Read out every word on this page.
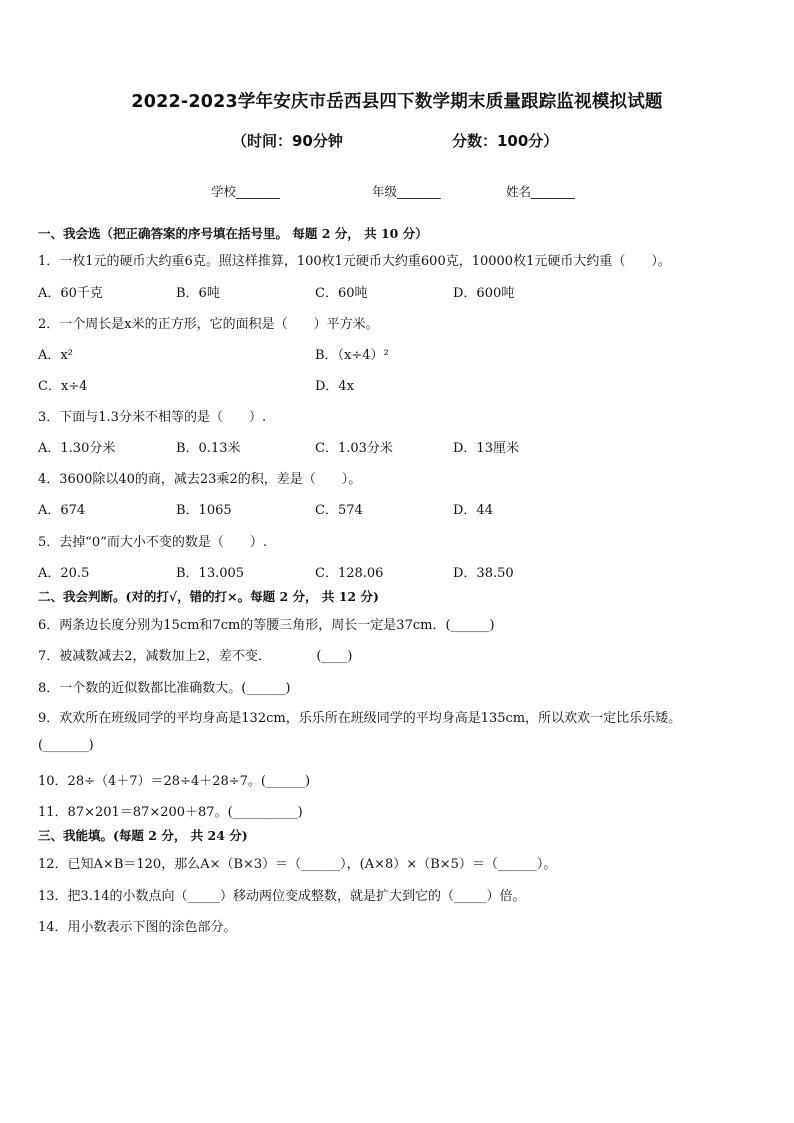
2022-2023学年安庆市岳西县四下数学期末质量跟踪监视模拟试题
（时间：90分钟	分数：100分）
学校_______	年级_______	姓名_______
一、我会选（把正确答案的序号填在括号里。 每题 2 分， 共 10 分）
1．一枚1元的硬币大约重6克。照这样推算，100枚1元硬币大约重600克，10000枚1元硬币大约重（　　）。
A．60千克	B．6吨	C．60吨	D．600吨
2．一个周长是x米的正方形，它的面积是（　　）平方米。
A．x²	B．（x÷4）²
C．x÷4	D．4x
3．下面与1.3分米不相等的是（　　）.
A．1.30分米	B．0.13米	C．1.03分米	D．13厘米
4．3600除以40的商，减去23乘2的积，差是（　　）。
A．674	B．1065	C．574	D．44
5．去掉“0”而大小不变的数是（　　）.
A．20.5	B．13.005	C．128.06	D．38.50
二、我会判断。(对的打√，错的打×。每题 2 分， 共 12 分)
6．两条边长度分别为15cm和7cm的等腰三角形，周长一定是37cm．(______)
7．被减数减去2，减数加上2，差不变．　　　　(____)
8．一个数的近似数都比准确数大。(______)
9．欢欢所在班级同学的平均身高是132cm，乐乐所在班级同学的平均身高是135cm，所以欢欢一定比乐乐矮。
(_______)
10．28÷（4＋7）＝28÷4＋28÷7。(______)
11．87×201＝87×200＋87。(__________)
三、我能填。(每题 2 分， 共 24 分)
12．已知A×B＝120，那么A×（B×3）＝（______），(A×8）×（B×5）＝（______）。
13．把3.14的小数点向（_____）移动两位变成整数，就是扩大到它的（_____）倍。
14．用小数表示下图的涂色部分。
